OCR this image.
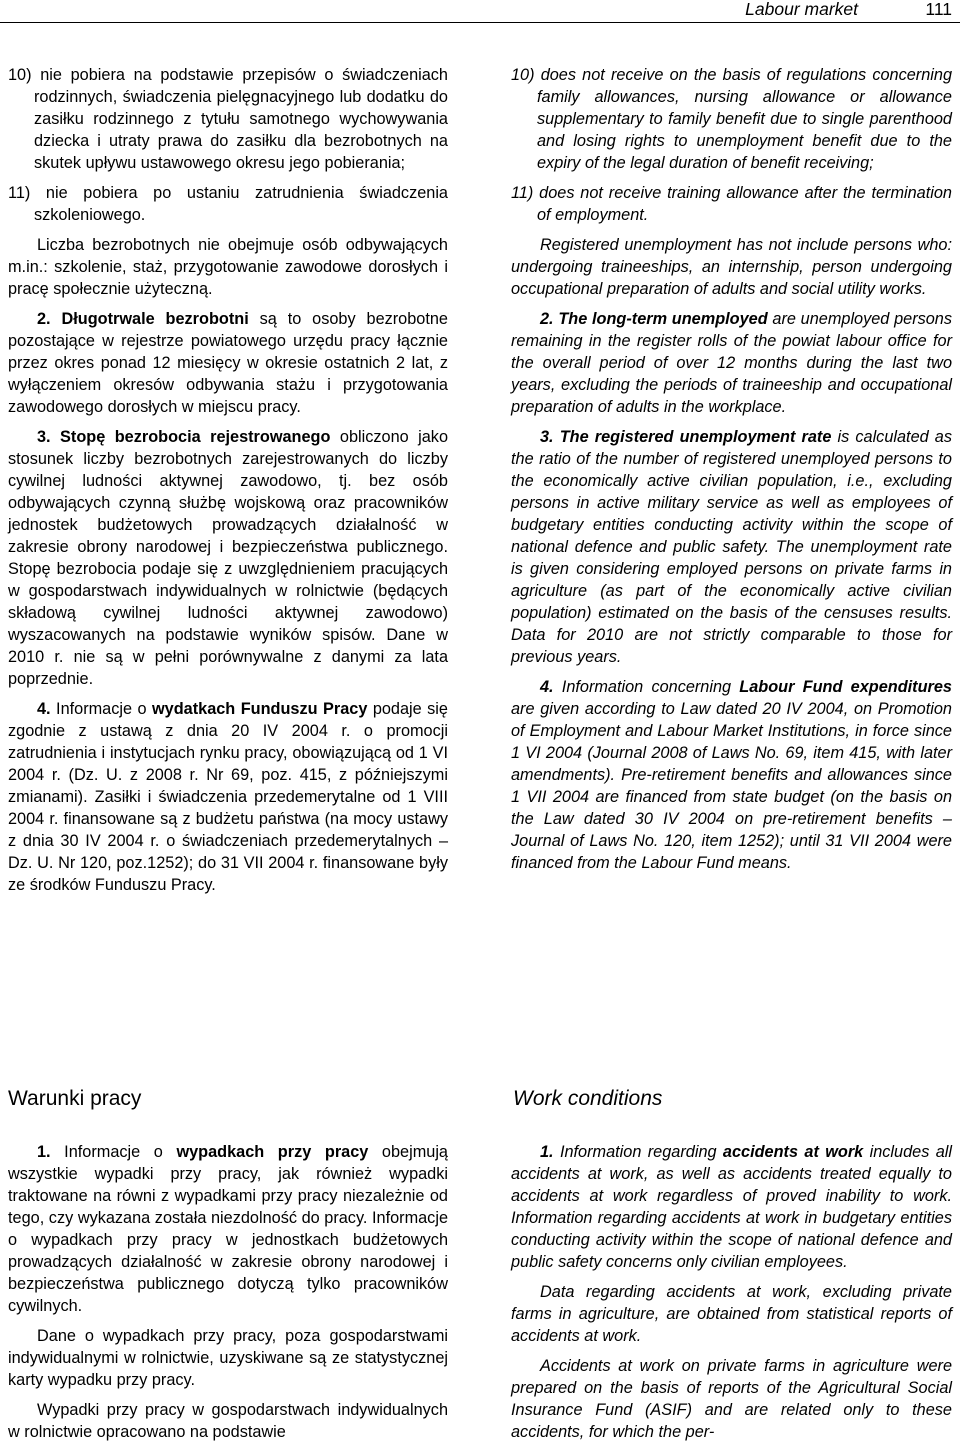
Labour market	111

10) nie pobiera na podstawie przepisów o świadczeniach rodzinnych, świadczenia pielęgnacyjnego lub dodatku do zasiłku rodzinnego z tytułu samotnego wychowywania dziecka i utraty prawa do zasiłku dla bezrobotnych na skutek upływu ustawowego okresu jego pobierania;

11) nie pobiera po ustaniu zatrudnienia świadczenia szkoleniowego.

Liczba bezrobotnych nie obejmuje osób odbywających m.in.: szkolenie, staż, przygotowanie zawodowe dorosłych i pracę społecznie użyteczną.

2. Długotrwale bezrobotni są to osoby bezrobotne pozostające w rejestrze powiatowego urzędu pracy łącznie przez okres ponad 12 miesięcy w okresie ostatnich 2 lat, z wyłączeniem okresów odbywania stażu i przygotowania zawodowego dorosłych w miejscu pracy.

3. Stopę bezrobocia rejestrowanego obliczono jako stosunek liczby bezrobotnych zarejestrowanych do liczby cywilnej ludności aktywnej zawodowo, tj. bez osób odbywających czynną służbę wojskową oraz pracowników jednostek budżetowych prowadzących działalność w zakresie obrony narodowej i bezpieczeństwa publicznego. Stopę bezrobocia podaje się z uwzględnieniem pracujących w gospodarstwach indywidualnych w rolnictwie (będących składową cywilnej ludności aktywnej zawodowo) wyszacowanych na podstawie wyników spisów. Dane w 2010 r. nie są w pełni porównywalne z danymi za lata poprzednie.

4. Informacje o wydatkach Funduszu Pracy podaje się zgodnie z ustawą z dnia 20 IV 2004 r. o promocji zatrudnienia i instytucjach rynku pracy, obowiązującą od 1 VI 2004 r. (Dz. U. z 2008 r. Nr 69, poz. 415, z późniejszymi zmianami). Zasiłki i świadczenia przedemerytalne od 1 VIII 2004 r. finansowane są z budżetu państwa (na mocy ustawy z dnia 30 IV 2004 r. o świadczeniach przedemerytalnych – Dz. U. Nr 120, poz.1252); do 31 VII 2004 r. finansowane były ze środków Funduszu Pracy.

10) does not receive on the basis of regulations concerning family allowances, nursing allowance or allowance supplementary to family benefit due to single parenthood and losing rights to unemployment benefit due to the expiry of the legal duration of benefit receiving;

11) does not receive training allowance after the termination of employment.

Registered unemployment has not include persons who: undergoing traineeships, an internship, person undergoing occupational preparation of adults and social utility works.

2. The long-term unemployed are unemployed persons remaining in the register rolls of the powiat labour office for the overall period of over 12 months during the last two years, excluding the periods of traineeship and occupational preparation of adults in the workplace.

3. The registered unemployment rate is calculated as the ratio of the number of registered unemployed persons to the economically active civilian population, i.e., excluding persons in active military service as well as employees of budgetary entities conducting activity within the scope of national defence and public safety. The unemployment rate is given considering employed persons on private farms in agriculture (as part of the economically active civilian population) estimated on the basis of the censuses results. Data for 2010 are not strictly comparable to those for previous years.

4. Information concerning Labour Fund expenditures are given according to Law dated 20 IV 2004, on Promotion of Employment and Labour Market Institutions, in force since 1 VI 2004 (Journal 2008 of Laws No. 69, item 415, with later amendments). Pre-retirement benefits and allowances since 1 VII 2004 are financed from state budget (on the basis on the Law dated 30 IV 2004 on pre-retirement benefits – Journal of Laws No. 120, item 1252); until 31 VII 2004 were financed from the Labour Fund means.

Warunki pracy	Work conditions

1. Informacje o wypadkach przy pracy obejmują wszystkie wypadki przy pracy, jak również wypadki traktowane na równi z wypadkami przy pracy niezależnie od tego, czy wykazana została niezdolność do pracy. Informacje o wypadkach przy pracy w jednostkach budżetowych prowadzących działalność w zakresie obrony narodowej i bezpieczeństwa publicznego dotyczą tylko pracowników cywilnych.

Dane o wypadkach przy pracy, poza gospodarstwami indywidualnymi w rolnictwie, uzyskiwane są ze statystycznej karty wypadku przy pracy.

Wypadki przy pracy w gospodarstwach indywidualnych w rolnictwie opracowano na podstawie

1. Information regarding accidents at work includes all accidents at work, as well as accidents treated equally to accidents at work regardless of proved inability to work. Information regarding accidents at work in budgetary entities conducting activity within the scope of national defence and public safety concerns only civilian employees.

Data regarding accidents at work, excluding private farms in agriculture, are obtained from statistical reports of accidents at work.

Accidents at work on private farms in agriculture were prepared on the basis of reports of the Agricultural Social Insurance Fund (ASIF) and are related only to these accidents, for which the per-
